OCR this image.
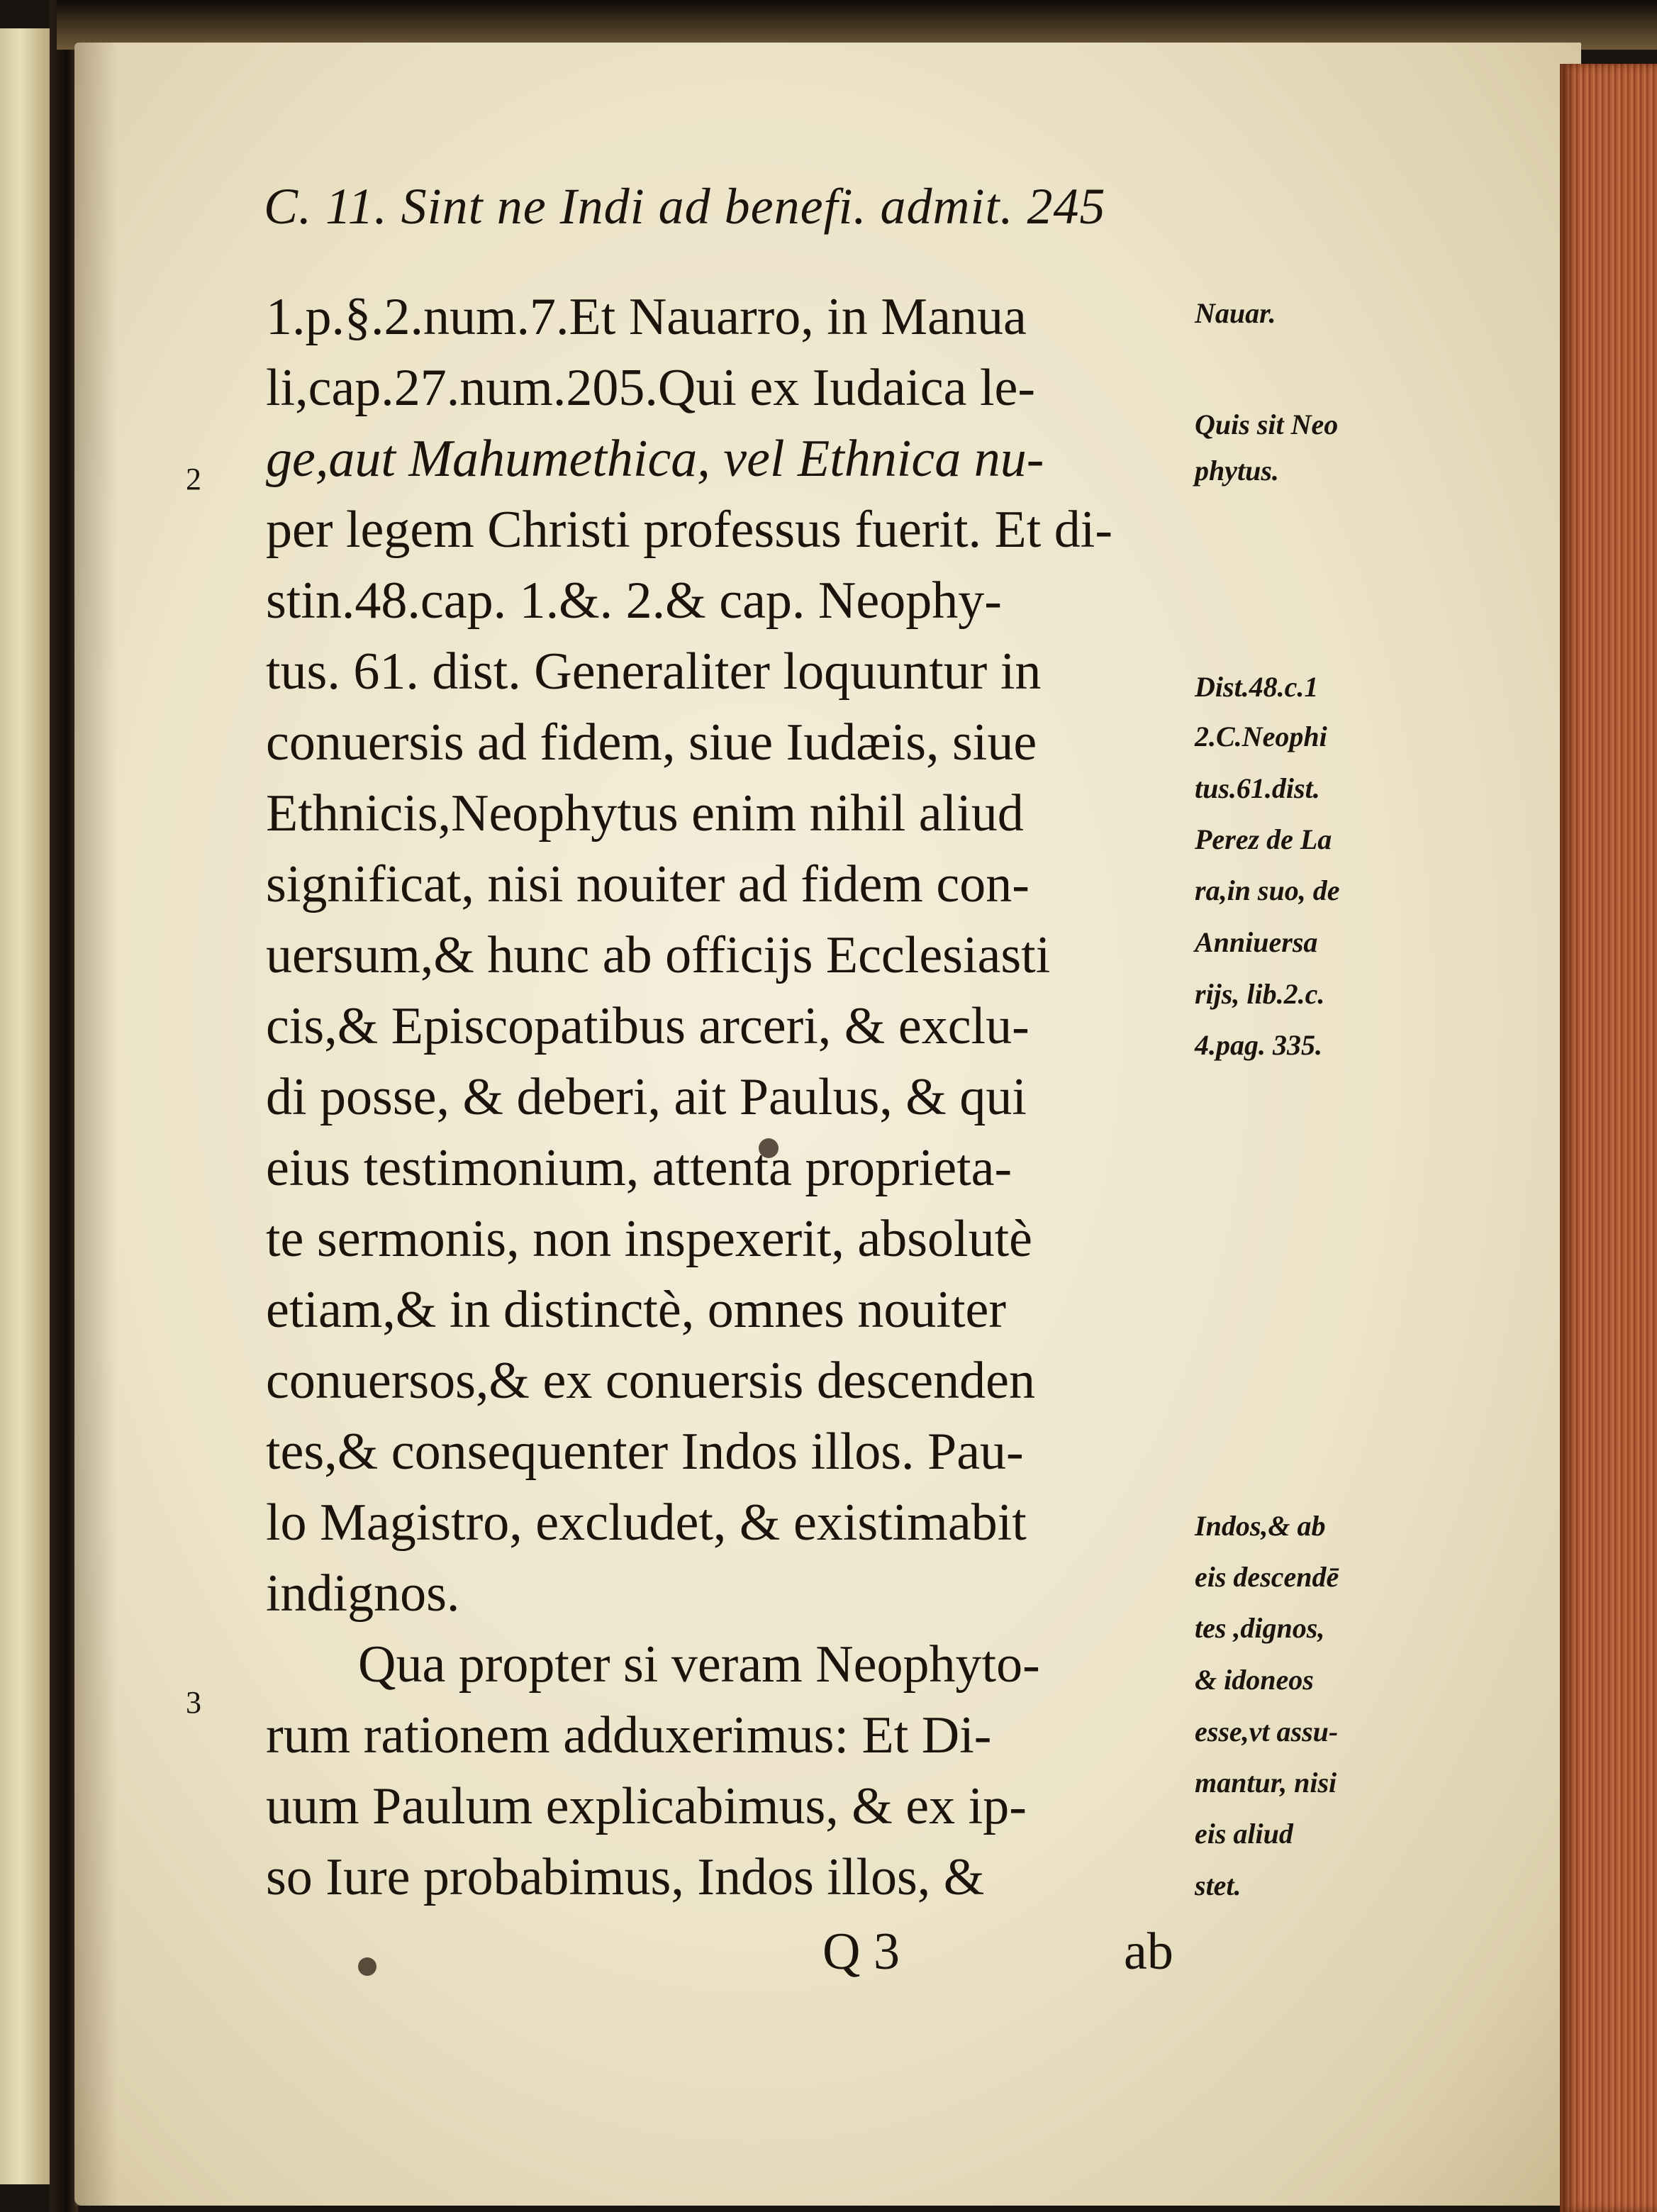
C. 11. Sint ne Indi ad benefi. admit. 245
1.p.§.2.num.7.Et Nauarro, in Manua
li,cap.27.num.205.Qui ex Iudaica le-
ge,aut Mahumethica, vel Ethnica nu-
per legem Christi professus fuerit. Et di-
stin.48.cap. 1.&. 2.& cap. Neophy-
tus. 61. dist. Generaliter loquuntur in
conuersis ad fidem, siue Iudæis, siue
Ethnicis,Neophytus enim nihil aliud
significat, nisi nouiter ad fidem con-
uersum,& hunc ab officijs Ecclesiasti
cis,& Episcopatibus arceri, & exclu-
di posse, & deberi, ait Paulus, & qui
eius testimonium, attenta proprieta-
te sermonis, non inspexerit, absolutè
etiam,& in distinctè, omnes nouiter
conuersos,& ex conuersis descenden
tes,& consequenter Indos illos. Pau-
lo Magistro, excludet, & existimabit
indignos.
Qua propter si veram Neophyto-
rum rationem adduxerimus: Et Di-
uum Paulum explicabimus, & ex ip-
so Iure probabimus, Indos illos, &
2
3
Nauar.
Quis sit Neo
phytus.
Dist.48.c.1
2.C.Neophi
tus.61.dist.
Perez de La
ra,in suo, de
Anniuersa
rijs, lib.2.c.
4.pag. 335.
Indos,& ab
eis descendē
tes ,dignos,
& idoneos
esse,vt assu-
mantur, nisi
eis aliud
stet.
Q 3	ab
